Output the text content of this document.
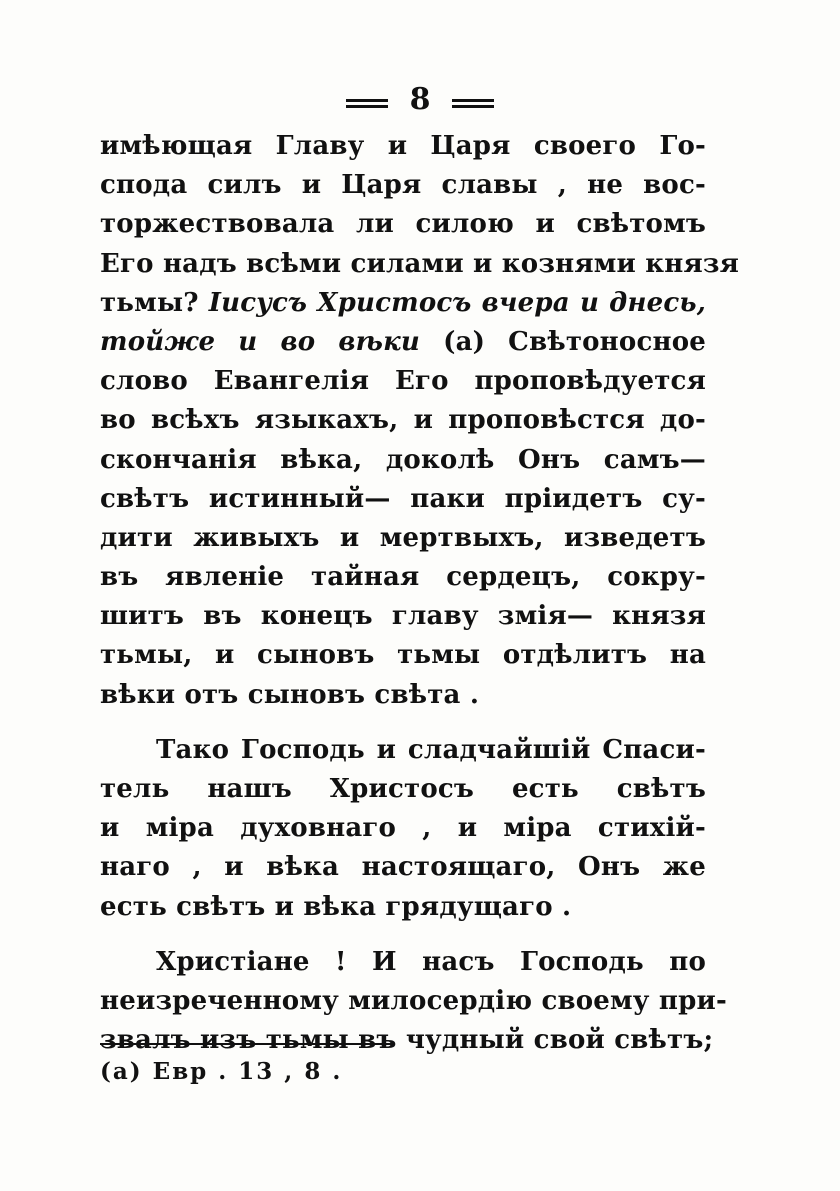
8
имѣющая Главу и Царя своего Го-
спода силъ и Царя славы , не вос-
торжествовала ли силою и свѣтомъ
Его надъ всѣми силами и кознями князя
тьмы? Іисусъ Христосъ вчера и днесь,
тойже и во вѣки (а) Свѣтоносное
слово Евангелія Его проповѣдуется
во всѣхъ языкахъ, и проповѣстся до-
скончанія вѣка, доколѣ Онъ самъ—
свѣтъ истинный— паки пріидетъ су-
дити живыхъ и мертвыхъ, изведетъ
въ явленіе тайная сердецъ, сокру-
шитъ въ конецъ главу змія— князя
тьмы, и сыновъ тьмы отдѣлитъ на
вѣки отъ сыновъ свѣта .
Тако Господь и сладчайшій Спаси-
тель нашъ Христосъ есть свѣтъ
и міра духовнаго , и міра стихій-
наго , и вѣка настоящаго, Онъ же
есть свѣтъ и вѣка грядущаго .
Христіане ! И насъ Господь по
неизреченному милосердію своему при-
звалъ изъ тьмы въ чудный свой свѣтъ;
(а) Евр . 13 , 8 .
